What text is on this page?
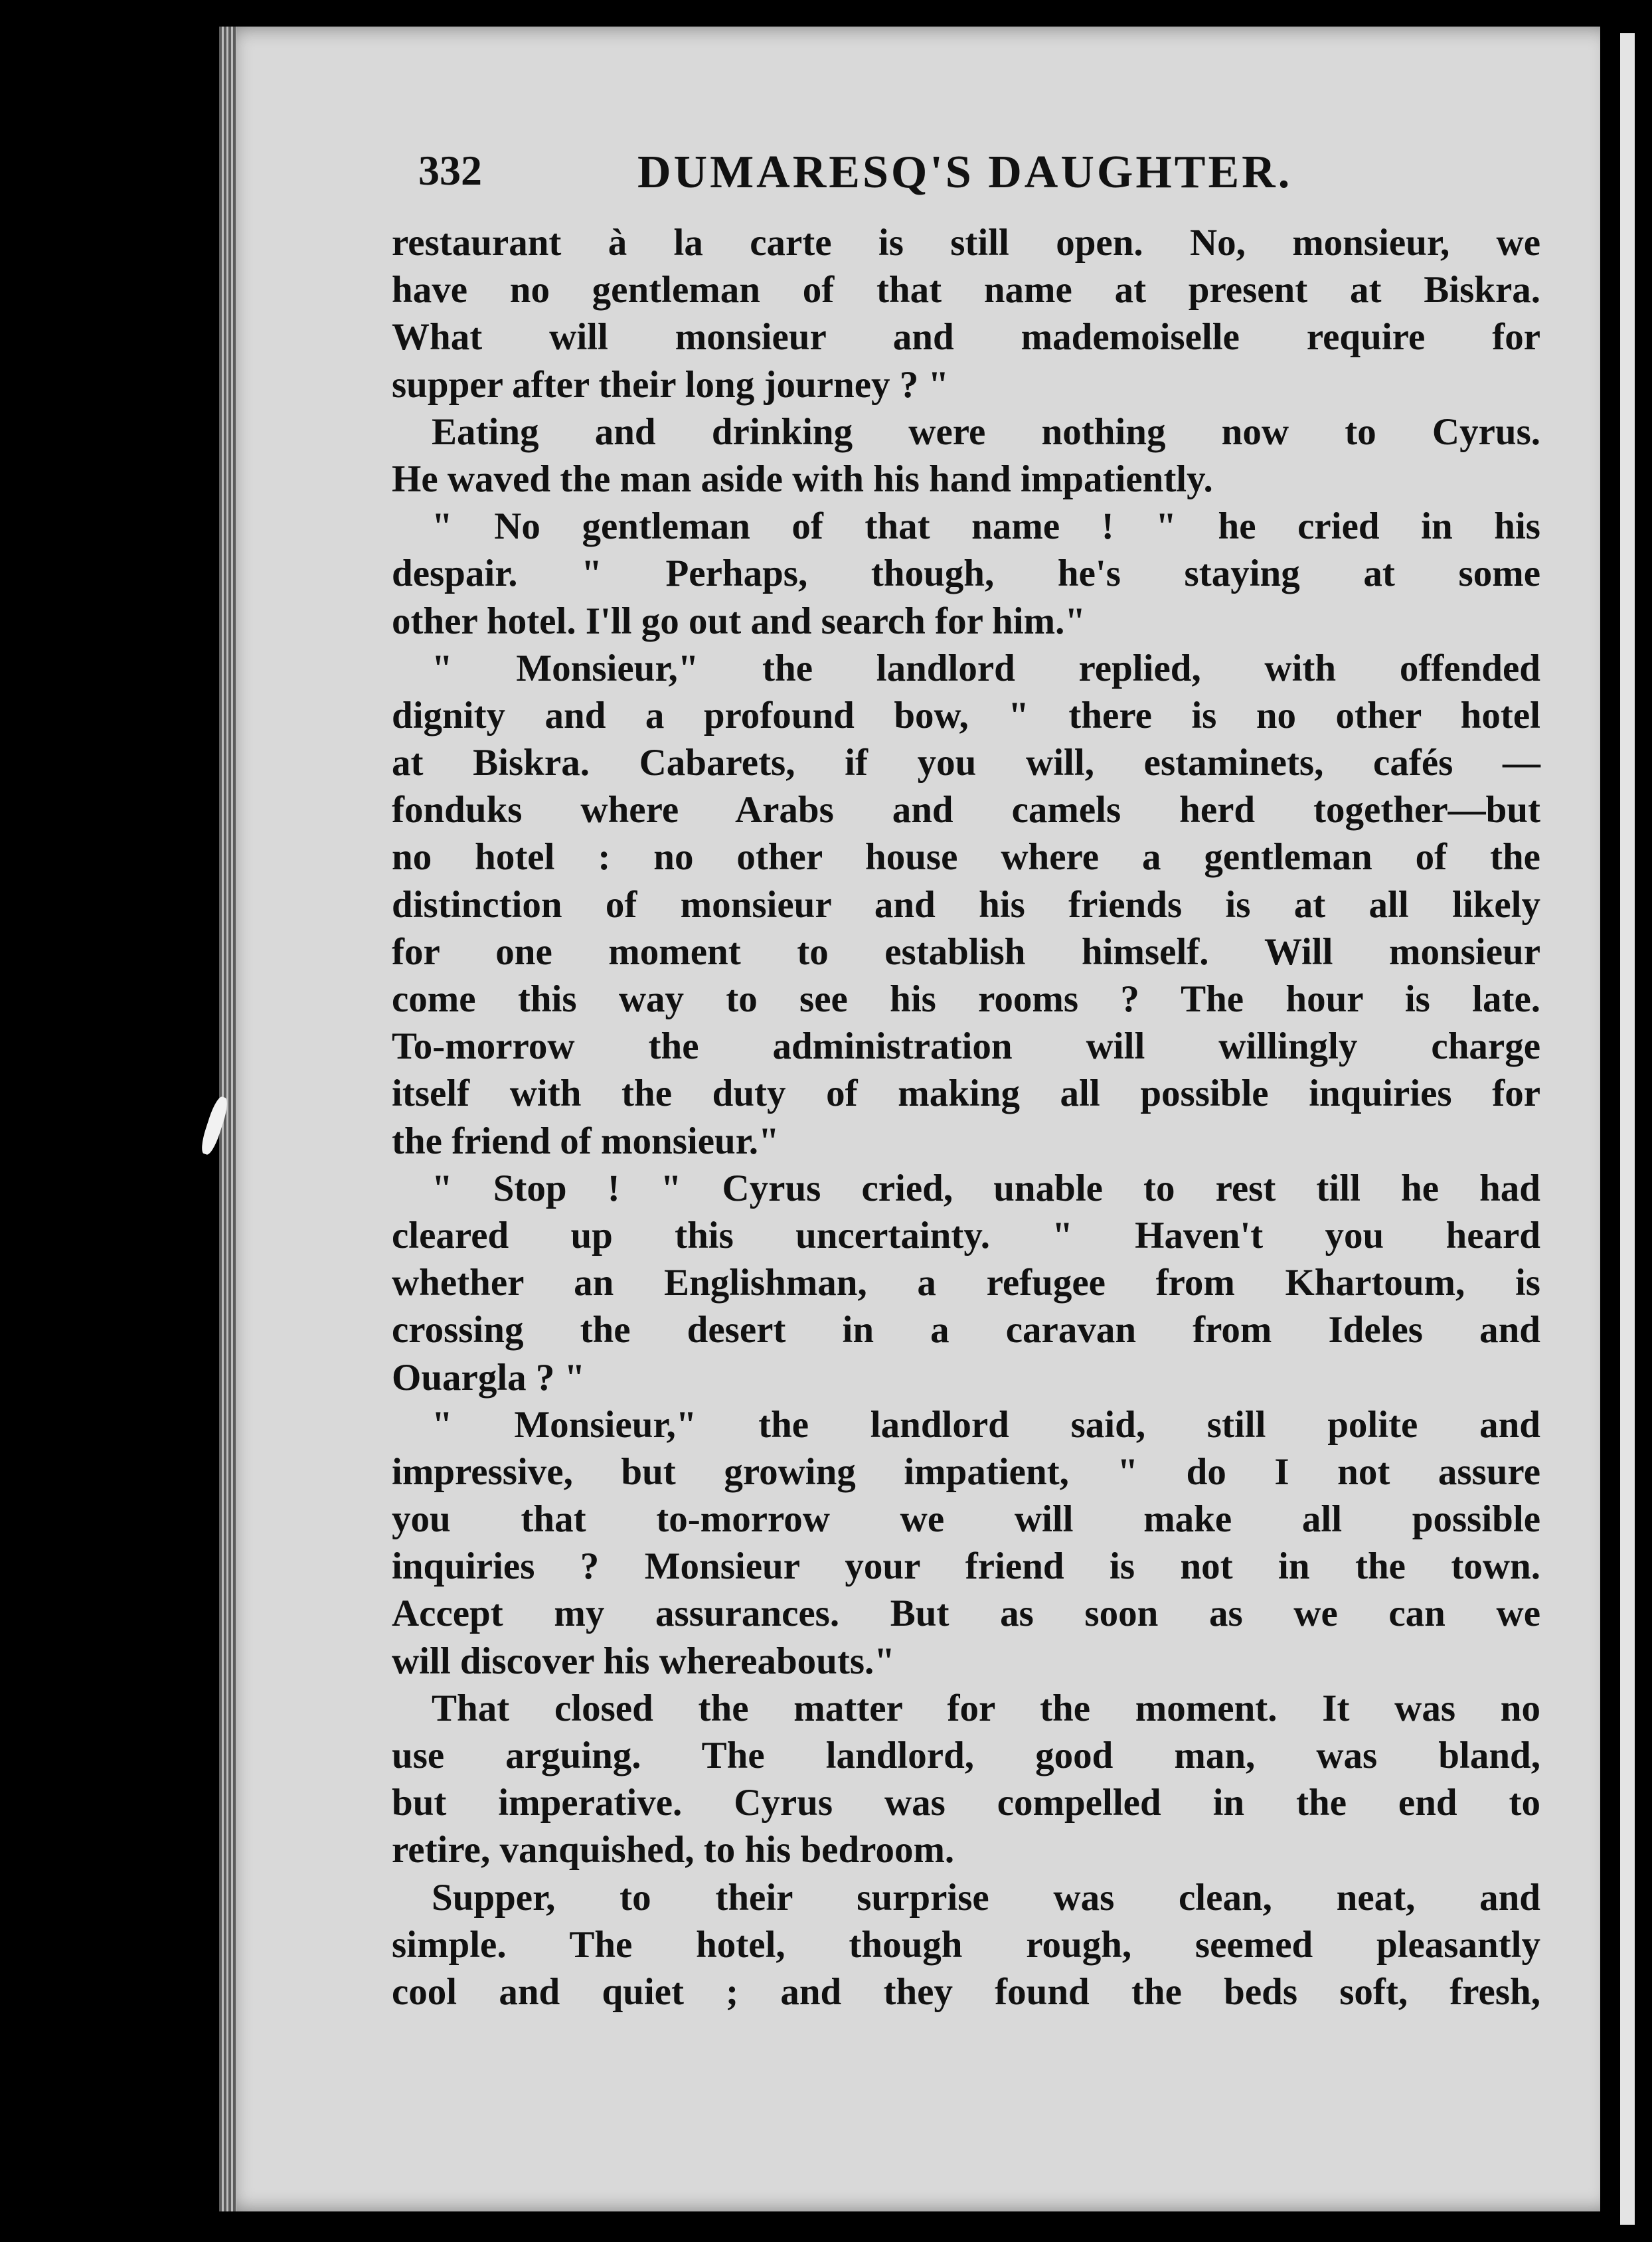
332	DUMARESQ'S DAUGHTER.
restaurant à la carte is still open. No, monsieur, we
have no gentleman of that name at present at Biskra.
What will monsieur and mademoiselle require for
supper after their long journey ? "
Eating and drinking were nothing now to Cyrus.
He waved the man aside with his hand impatiently.
" No gentleman of that name ! " he cried in his
despair. " Perhaps, though, he's staying at some
other hotel. I'll go out and search for him."
" Monsieur," the landlord replied, with offended
dignity and a profound bow, " there is no other hotel
at Biskra. Cabarets, if you will, estaminets, cafés —
fonduks where Arabs and camels herd together—but
no hotel : no other house where a gentleman of the
distinction of monsieur and his friends is at all likely
for one moment to establish himself. Will monsieur
come this way to see his rooms ? The hour is late.
To-morrow the administration will willingly charge
itself with the duty of making all possible inquiries for
the friend of monsieur."
" Stop ! " Cyrus cried, unable to rest till he had
cleared up this uncertainty. " Haven't you heard
whether an Englishman, a refugee from Khartoum, is
crossing the desert in a caravan from Ideles and
Ouargla ? "
" Monsieur," the landlord said, still polite and
impressive, but growing impatient, " do I not assure
you that to-morrow we will make all possible
inquiries ? Monsieur your friend is not in the town.
Accept my assurances. But as soon as we can we
will discover his whereabouts."
That closed the matter for the moment. It was no
use arguing. The landlord, good man, was bland,
but imperative. Cyrus was compelled in the end to
retire, vanquished, to his bedroom.
Supper, to their surprise was clean, neat, and
simple. The hotel, though rough, seemed pleasantly
cool and quiet ; and they found the beds soft, fresh,
